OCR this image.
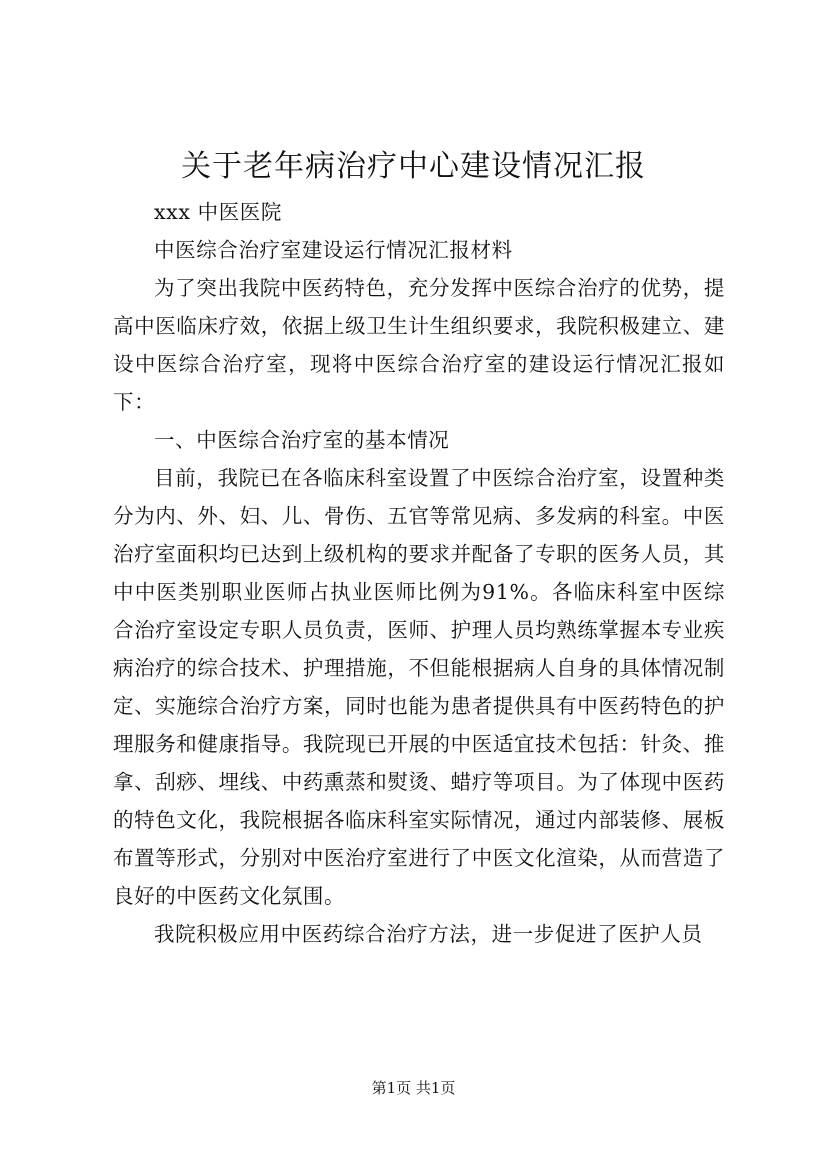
关于老年病治疗中心建设情况汇报

xxx 中医医院

中医综合治疗室建设运行情况汇报材料

为了突出我院中医药特色，充分发挥中医综合治疗的优势，提高中医临床疗效，依据上级卫生计生组织要求，我院积极建立、建设中医综合治疗室，现将中医综合治疗室的建设运行情况汇报如下：

一、中医综合治疗室的基本情况

目前，我院已在各临床科室设置了中医综合治疗室，设置种类分为内、外、妇、儿、骨伤、五官等常见病、多发病的科室。中医治疗室面积均已达到上级机构的要求并配备了专职的医务人员，其中中医类别职业医师占执业医师比例为91%。各临床科室中医综合治疗室设定专职人员负责，医师、护理人员均熟练掌握本专业疾病治疗的综合技术、护理措施，不但能根据病人自身的具体情况制定、实施综合治疗方案，同时也能为患者提供具有中医药特色的护理服务和健康指导。我院现已开展的中医适宜技术包括：针灸、推拿、刮痧、埋线、中药熏蒸和熨烫、蜡疗等项目。为了体现中医药的特色文化，我院根据各临床科室实际情况，通过内部装修、展板布置等形式，分别对中医治疗室进行了中医文化渲染，从而营造了良好的中医药文化氛围。

我院积极应用中医药综合治疗方法，进一步促进了医护人员

第1页 共1页
